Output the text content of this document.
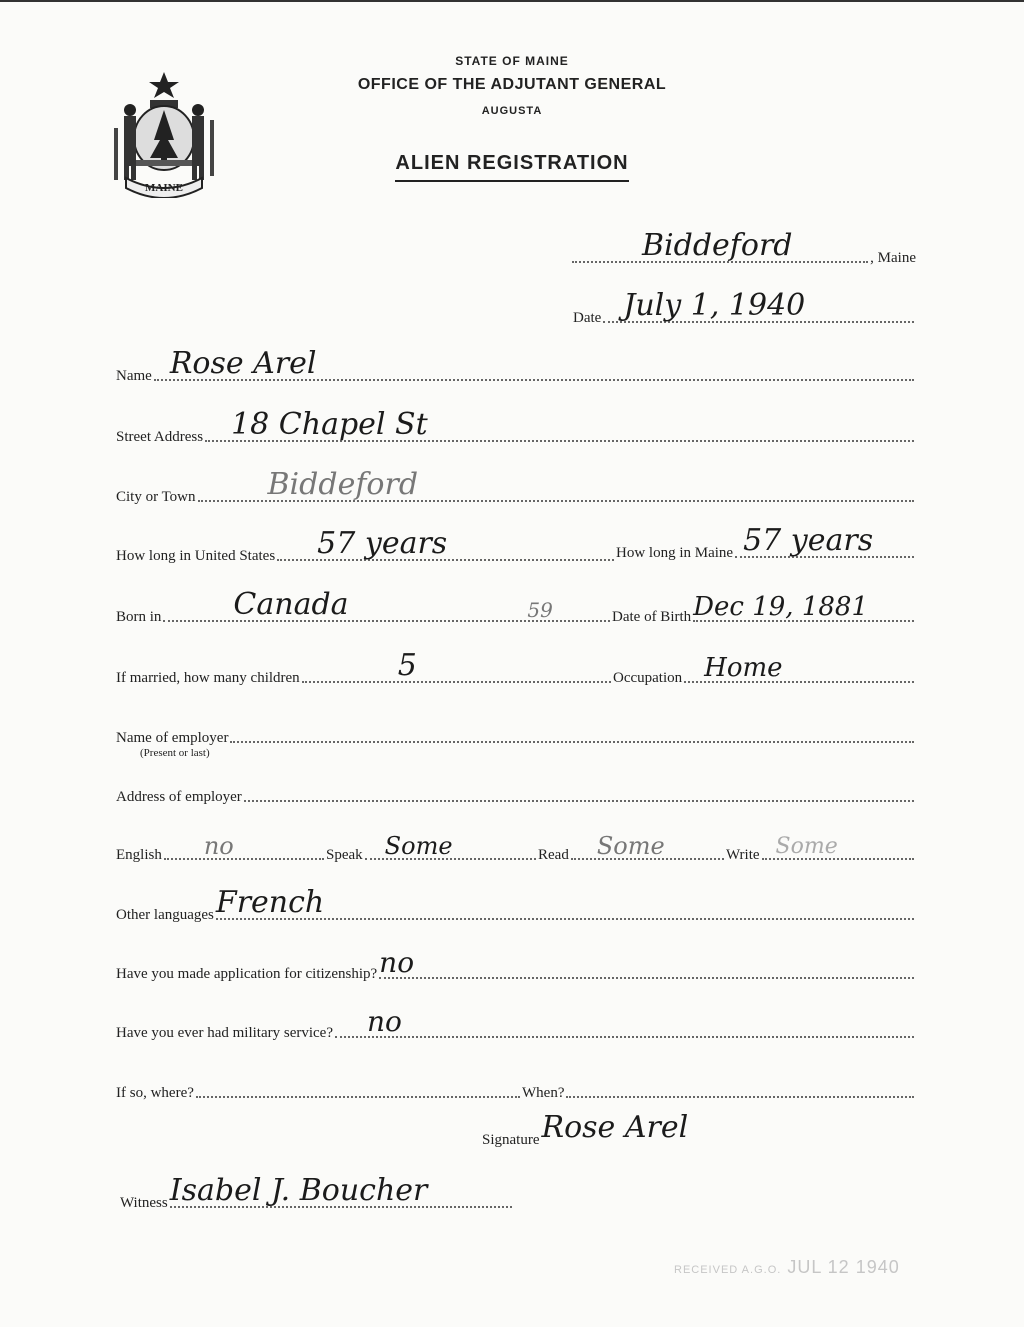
STATE OF MAINE
OFFICE OF THE ADJUTANT GENERAL
AUGUSTA
ALIEN REGISTRATION
MAINE
Biddeford	, Maine
Date July 1, 1940
Name Rose Arel
Street Address 18 Chapel St
City or Town Biddeford
How long in United States 57 years	How long in Maine 57 years
Born in Canada	59	Date of Birth Dec 19, 1881
If married, how many children	5	Occupation Home
Name of employer
(Present or last)
Address of employer
English no	Speak Some	Read Some	Write Some
Other languages French
Have you made application for citizenship? no
Have you ever had military service? no
If so, where?	When?
Signature Rose Arel
Witness Isabel J. Boucher
RECEIVED A.G.O. JUL 12 1940
